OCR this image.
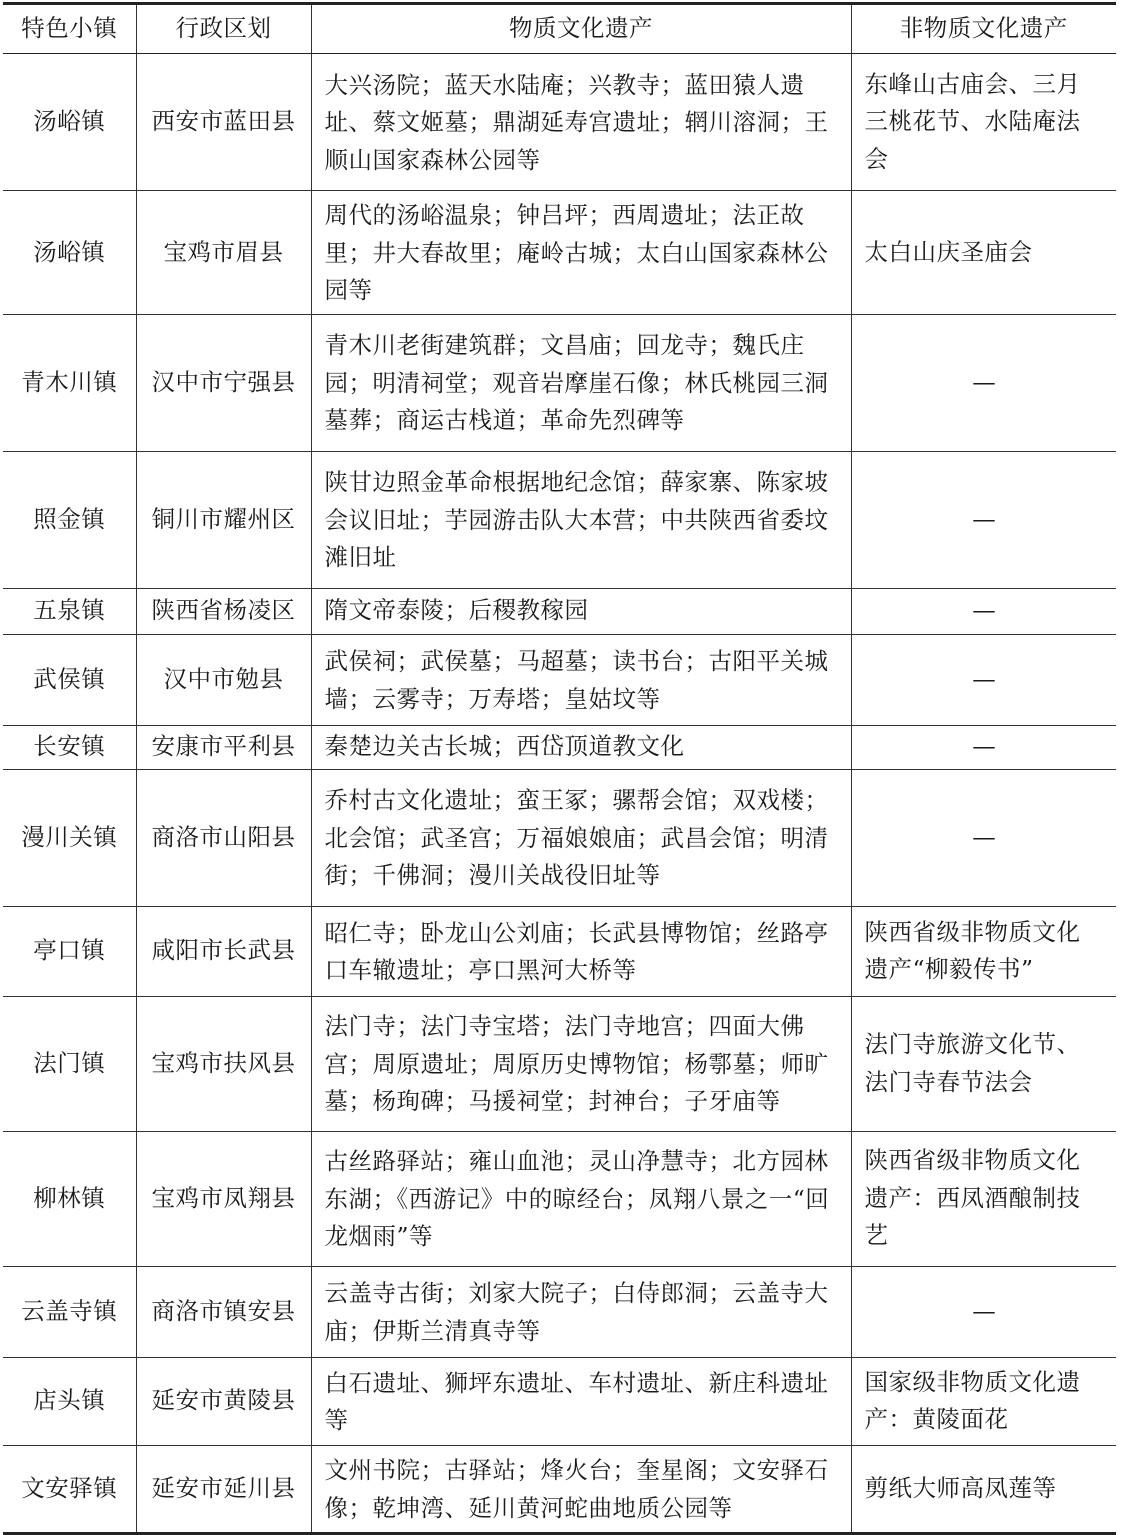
特色小镇	行政区划	物质文化遗产	非物质文化遗产
汤峪镇	西安市蓝田县	大兴汤院；蓝天水陆庵；兴教寺；蓝田猿人遗址、蔡文姬墓；鼎湖延寿宫遗址；辋川溶洞；王顺山国家森林公园等	东峰山古庙会、三月三桃花节、水陆庵法会
汤峪镇	宝鸡市眉县	周代的汤峪温泉；钟吕坪；西周遗址；法正故里；井大春故里；庵岭古城；太白山国家森林公园等	太白山庆圣庙会
青木川镇	汉中市宁强县	青木川老街建筑群；文昌庙；回龙寺；魏氏庄园；明清祠堂；观音岩摩崖石像；林氏桃园三洞墓葬；商运古栈道；革命先烈碑等	—
照金镇	铜川市耀州区	陕甘边照金革命根据地纪念馆；薛家寨、陈家坡会议旧址；芋园游击队大本营；中共陕西省委坟滩旧址	—
五泉镇	陕西省杨凌区	隋文帝泰陵；后稷教稼园	—
武侯镇	汉中市勉县	武侯祠；武侯墓；马超墓；读书台；古阳平关城墙；云雾寺；万寿塔；皇姑坟等	—
长安镇	安康市平利县	秦楚边关古长城；西岱顶道教文化	—
漫川关镇	商洛市山阳县	乔村古文化遗址；蛮王冢；骡帮会馆；双戏楼；北会馆；武圣宫；万福娘娘庙；武昌会馆；明清街；千佛洞；漫川关战役旧址等	—
亭口镇	咸阳市长武县	昭仁寺；卧龙山公刘庙；长武县博物馆；丝路亭口车辙遗址；亭口黑河大桥等	陕西省级非物质文化遗产“柳毅传书”
法门镇	宝鸡市扶风县	法门寺；法门寺宝塔；法门寺地宫；四面大佛宫；周原遗址；周原历史博物馆；杨鄠墓；师旷墓；杨珣碑；马援祠堂；封神台；子牙庙等	法门寺旅游文化节、法门寺春节法会
柳林镇	宝鸡市凤翔县	古丝路驿站；雍山血池；灵山净慧寺；北方园林东湖；《西游记》中的晾经台；凤翔八景之一“回龙烟雨”等	陕西省级非物质文化遗产：西凤酒酿制技艺
云盖寺镇	商洛市镇安县	云盖寺古街；刘家大院子；白侍郎洞；云盖寺大庙；伊斯兰清真寺等	—
店头镇	延安市黄陵县	白石遗址、狮坪东遗址、车村遗址、新庄科遗址等	国家级非物质文化遗产：黄陵面花
文安驿镇	延安市延川县	文州书院；古驿站；烽火台；奎星阁；文安驿石像；乾坤湾、延川黄河蛇曲地质公园等	剪纸大师高凤莲等
